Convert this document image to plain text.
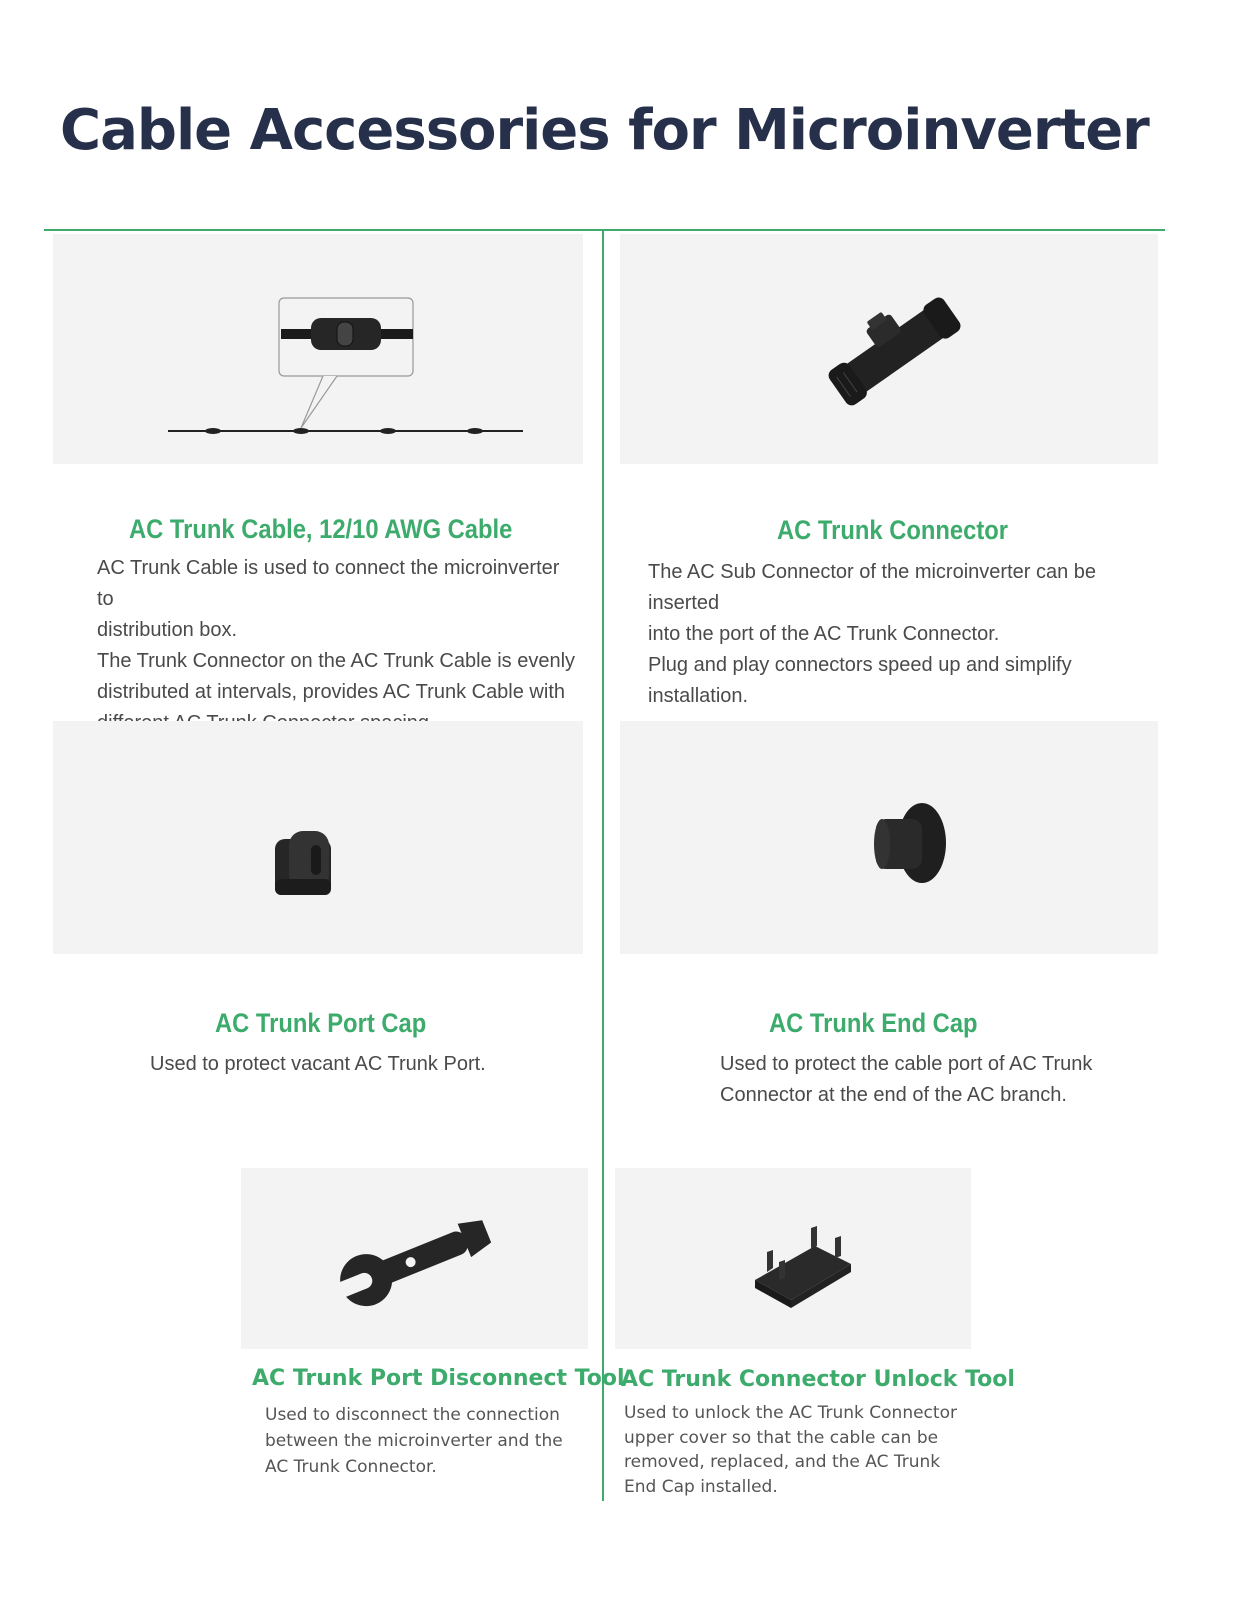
Cable Accessories for Microinverter
AC Trunk Cable, 12/10 AWG Cable
AC Trunk Cable is used to connect the microinverter to
distribution box.
The Trunk Connector on the AC Trunk Cable is evenly
distributed at intervals, provides AC Trunk Cable with
AC Trunk Connector
The AC Sub Connector of the microinverter can be inserted
into the port of the AC Trunk Connector.
Plug and play connectors speed up and simplify installation.
AC Trunk Port Cap
Used to protect vacant AC Trunk Port.
AC Trunk End Cap
Used to protect the cable port of AC Trunk
Connector at the end of the AC branch.
AC Trunk Port Disconnect Tool
Used to disconnect the connection
between the microinverter and the
AC Trunk Connector.
AC Trunk Connector Unlock Tool
Used to unlock the AC Trunk Connector
upper cover so that the cable can be
removed, replaced, and the AC Trunk
End Cap installed.
